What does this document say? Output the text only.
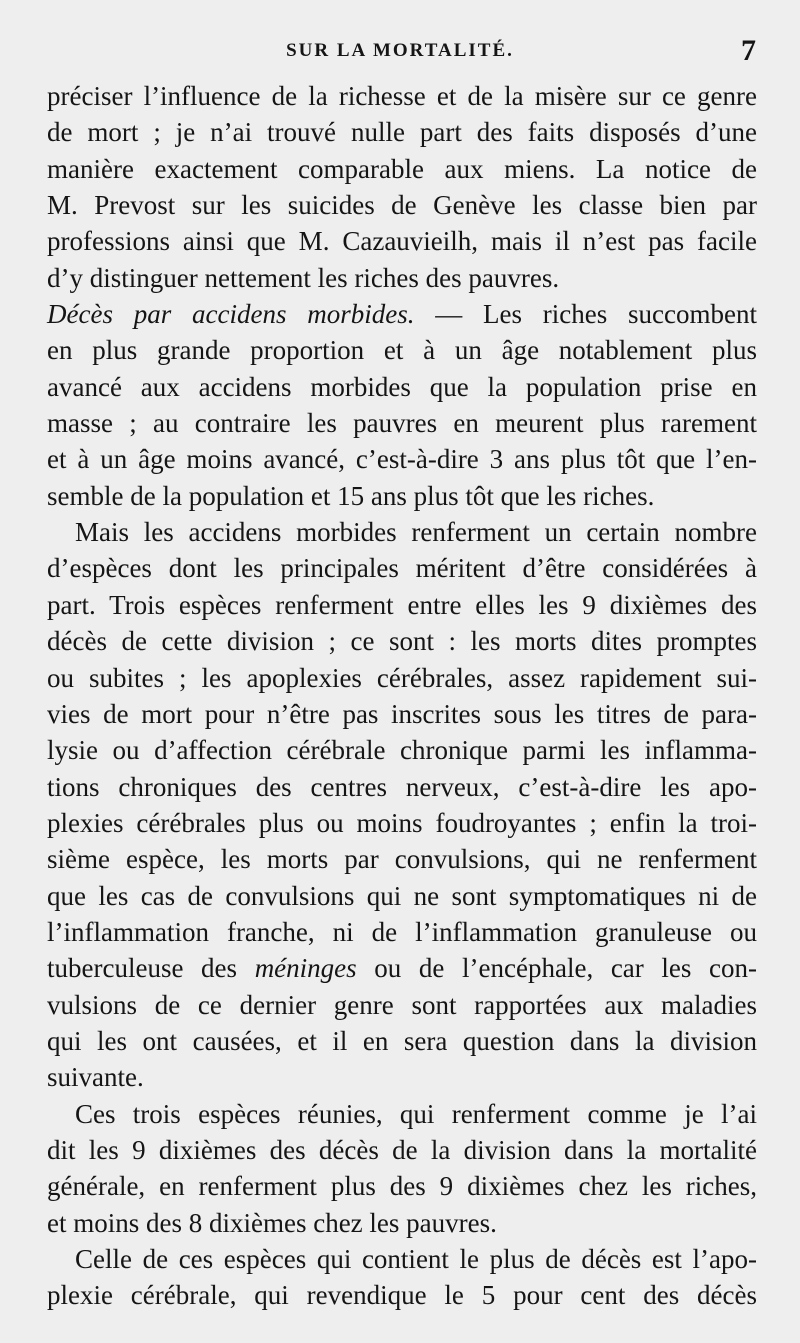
SUR LA MORTALITÉ.	7
préciser l’influence de la richesse et de la misère sur ce genre
de mort ; je n’ai trouvé nulle part des faits disposés d’une
manière exactement comparable aux miens. La notice de
M. Prevost sur les suicides de Genève les classe bien par
professions ainsi que M. Cazauvieilh, mais il n’est pas facile
d’y distinguer nettement les riches des pauvres.
Décès par accidens morbides. — Les riches succombent
en plus grande proportion et à un âge notablement plus
avancé aux accidens morbides que la population prise en
masse ; au contraire les pauvres en meurent plus rarement
et à un âge moins avancé, c’est-à-dire 3 ans plus tôt que l’en-
semble de la population et 15 ans plus tôt que les riches.
Mais les accidens morbides renferment un certain nombre
d’espèces dont les principales méritent d’être considérées à
part. Trois espèces renferment entre elles les 9 dixièmes des
décès de cette division ; ce sont : les morts dites promptes
ou subites ; les apoplexies cérébrales, assez rapidement sui-
vies de mort pour n’être pas inscrites sous les titres de para-
lysie ou d’affection cérébrale chronique parmi les inflamma-
tions chroniques des centres nerveux, c’est-à-dire les apo-
plexies cérébrales plus ou moins foudroyantes ; enfin la troi-
sième espèce, les morts par convulsions, qui ne renferment
que les cas de convulsions qui ne sont symptomatiques ni de
l’inflammation franche, ni de l’inflammation granuleuse ou
tuberculeuse des méninges ou de l’encéphale, car les con-
vulsions de ce dernier genre sont rapportées aux maladies
qui les ont causées, et il en sera question dans la division
suivante.
Ces trois espèces réunies, qui renferment comme je l’ai
dit les 9 dixièmes des décès de la division dans la mortalité
générale, en renferment plus des 9 dixièmes chez les riches,
et moins des 8 dixièmes chez les pauvres.
Celle de ces espèces qui contient le plus de décès est l’apo-
plexie cérébrale, qui revendique le 5 pour cent des décès
